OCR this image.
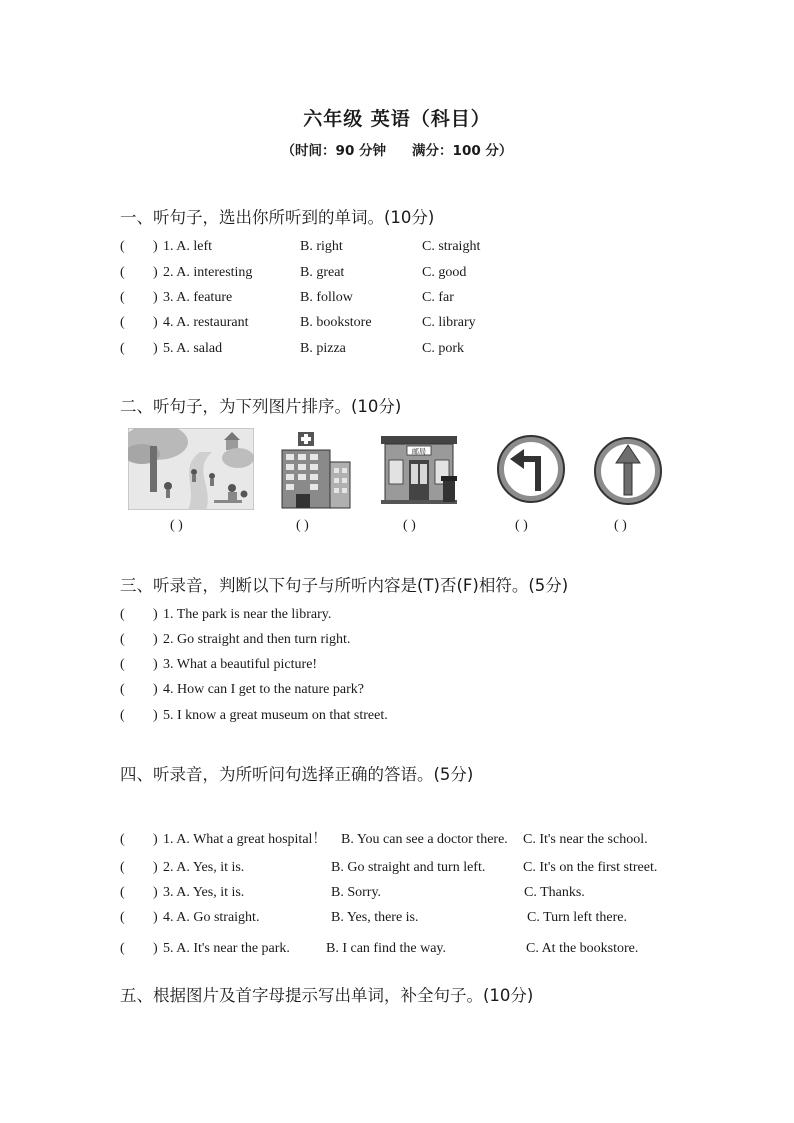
六年级 英语（科目）
（时间：90 分钟 满分：100 分）
一、听句子，选出你所听到的单词。(10分)
( ) 1. A. left	B. right	C. straight
( ) 2. A. interesting	B. great	C. good
( ) 3. A. feature	B. follow	C. far
( ) 4. A. restaurant	B. bookstore	C. library
( ) 5. A. salad	B. pizza	C. pork
二、听句子，为下列图片排序。(10分)
( )	( )
邮局
( )	( )	( )
三、听录音，判断以下句子与所听内容是(T)否(F)相符。(5分)
( ) 1. The park is near the library.
( ) 2. Go straight and then turn right.
( ) 3. What a beautiful picture!
( ) 4. How can I get to the nature park?
( ) 5. I know a great museum on that street.
四、听录音，为所听问句选择正确的答语。(5分)
( ) 1. A. What a great hospital！ B. You can see a doctor there. C. It's near the school.
( ) 2. A. Yes, it is.	B. Go straight and turn left.	C. It's on the first street.
( ) 3. A. Yes, it is.	B. Sorry.	C. Thanks.
( ) 4. A. Go straight.	B. Yes, there is.	C. Turn left there.
( ) 5. A. It's near the park.	B. I can find the way.	C. At the bookstore.
五、根据图片及首字母提示写出单词，补全句子。(10分)
